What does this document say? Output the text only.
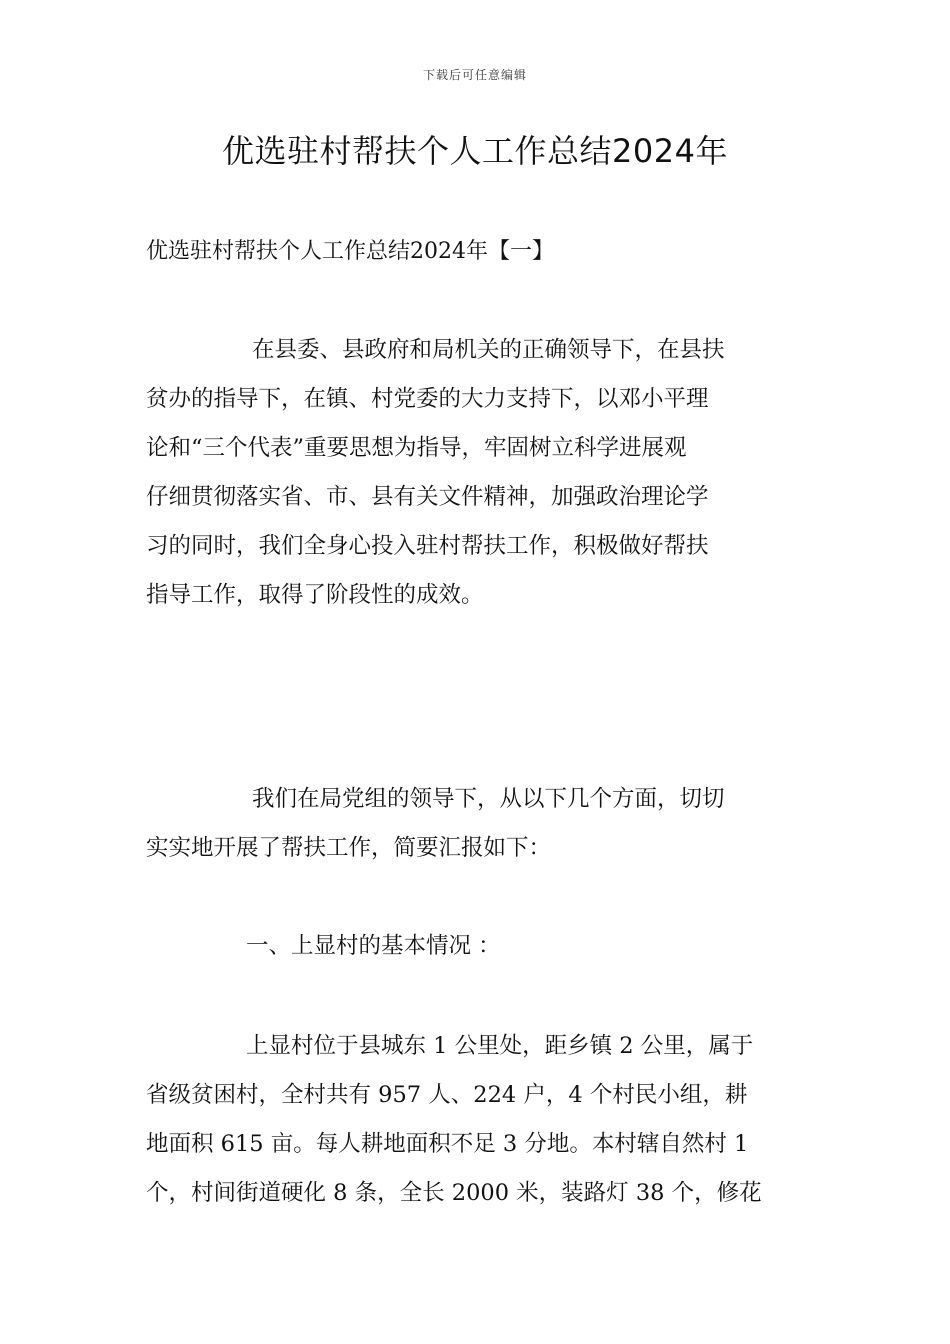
下载后可任意编辑
优选驻村帮扶个人工作总结2024年

优选驻村帮扶个人工作总结2024年【一】

在县委、县政府和局机关的正确领导下，在县扶
贫办的指导下，在镇、村党委的大力支持下，以邓小平理
论和“三个代表”重要思想为指导，牢固树立科学进展观
仔细贯彻落实省、市、县有关文件精神，加强政治理论学
习的同时，我们全身心投入驻村帮扶工作，积极做好帮扶
指导工作，取得了阶段性的成效。
我们在局党组的领导下，从以下几个方面，切切
实实地开展了帮扶工作，简要汇报如下：
一、上显村的基本情况 ：
上显村位于县城东 1 公里处，距乡镇 2 公里，属于
省级贫困村，全村共有 957 人、224 户，4 个村民小组，耕
地面积 615 亩。每人耕地面积不足 3 分地。本村辖自然村 1
个，村间街道硬化 8 条，全长 2000 米，装路灯 38 个，修花
